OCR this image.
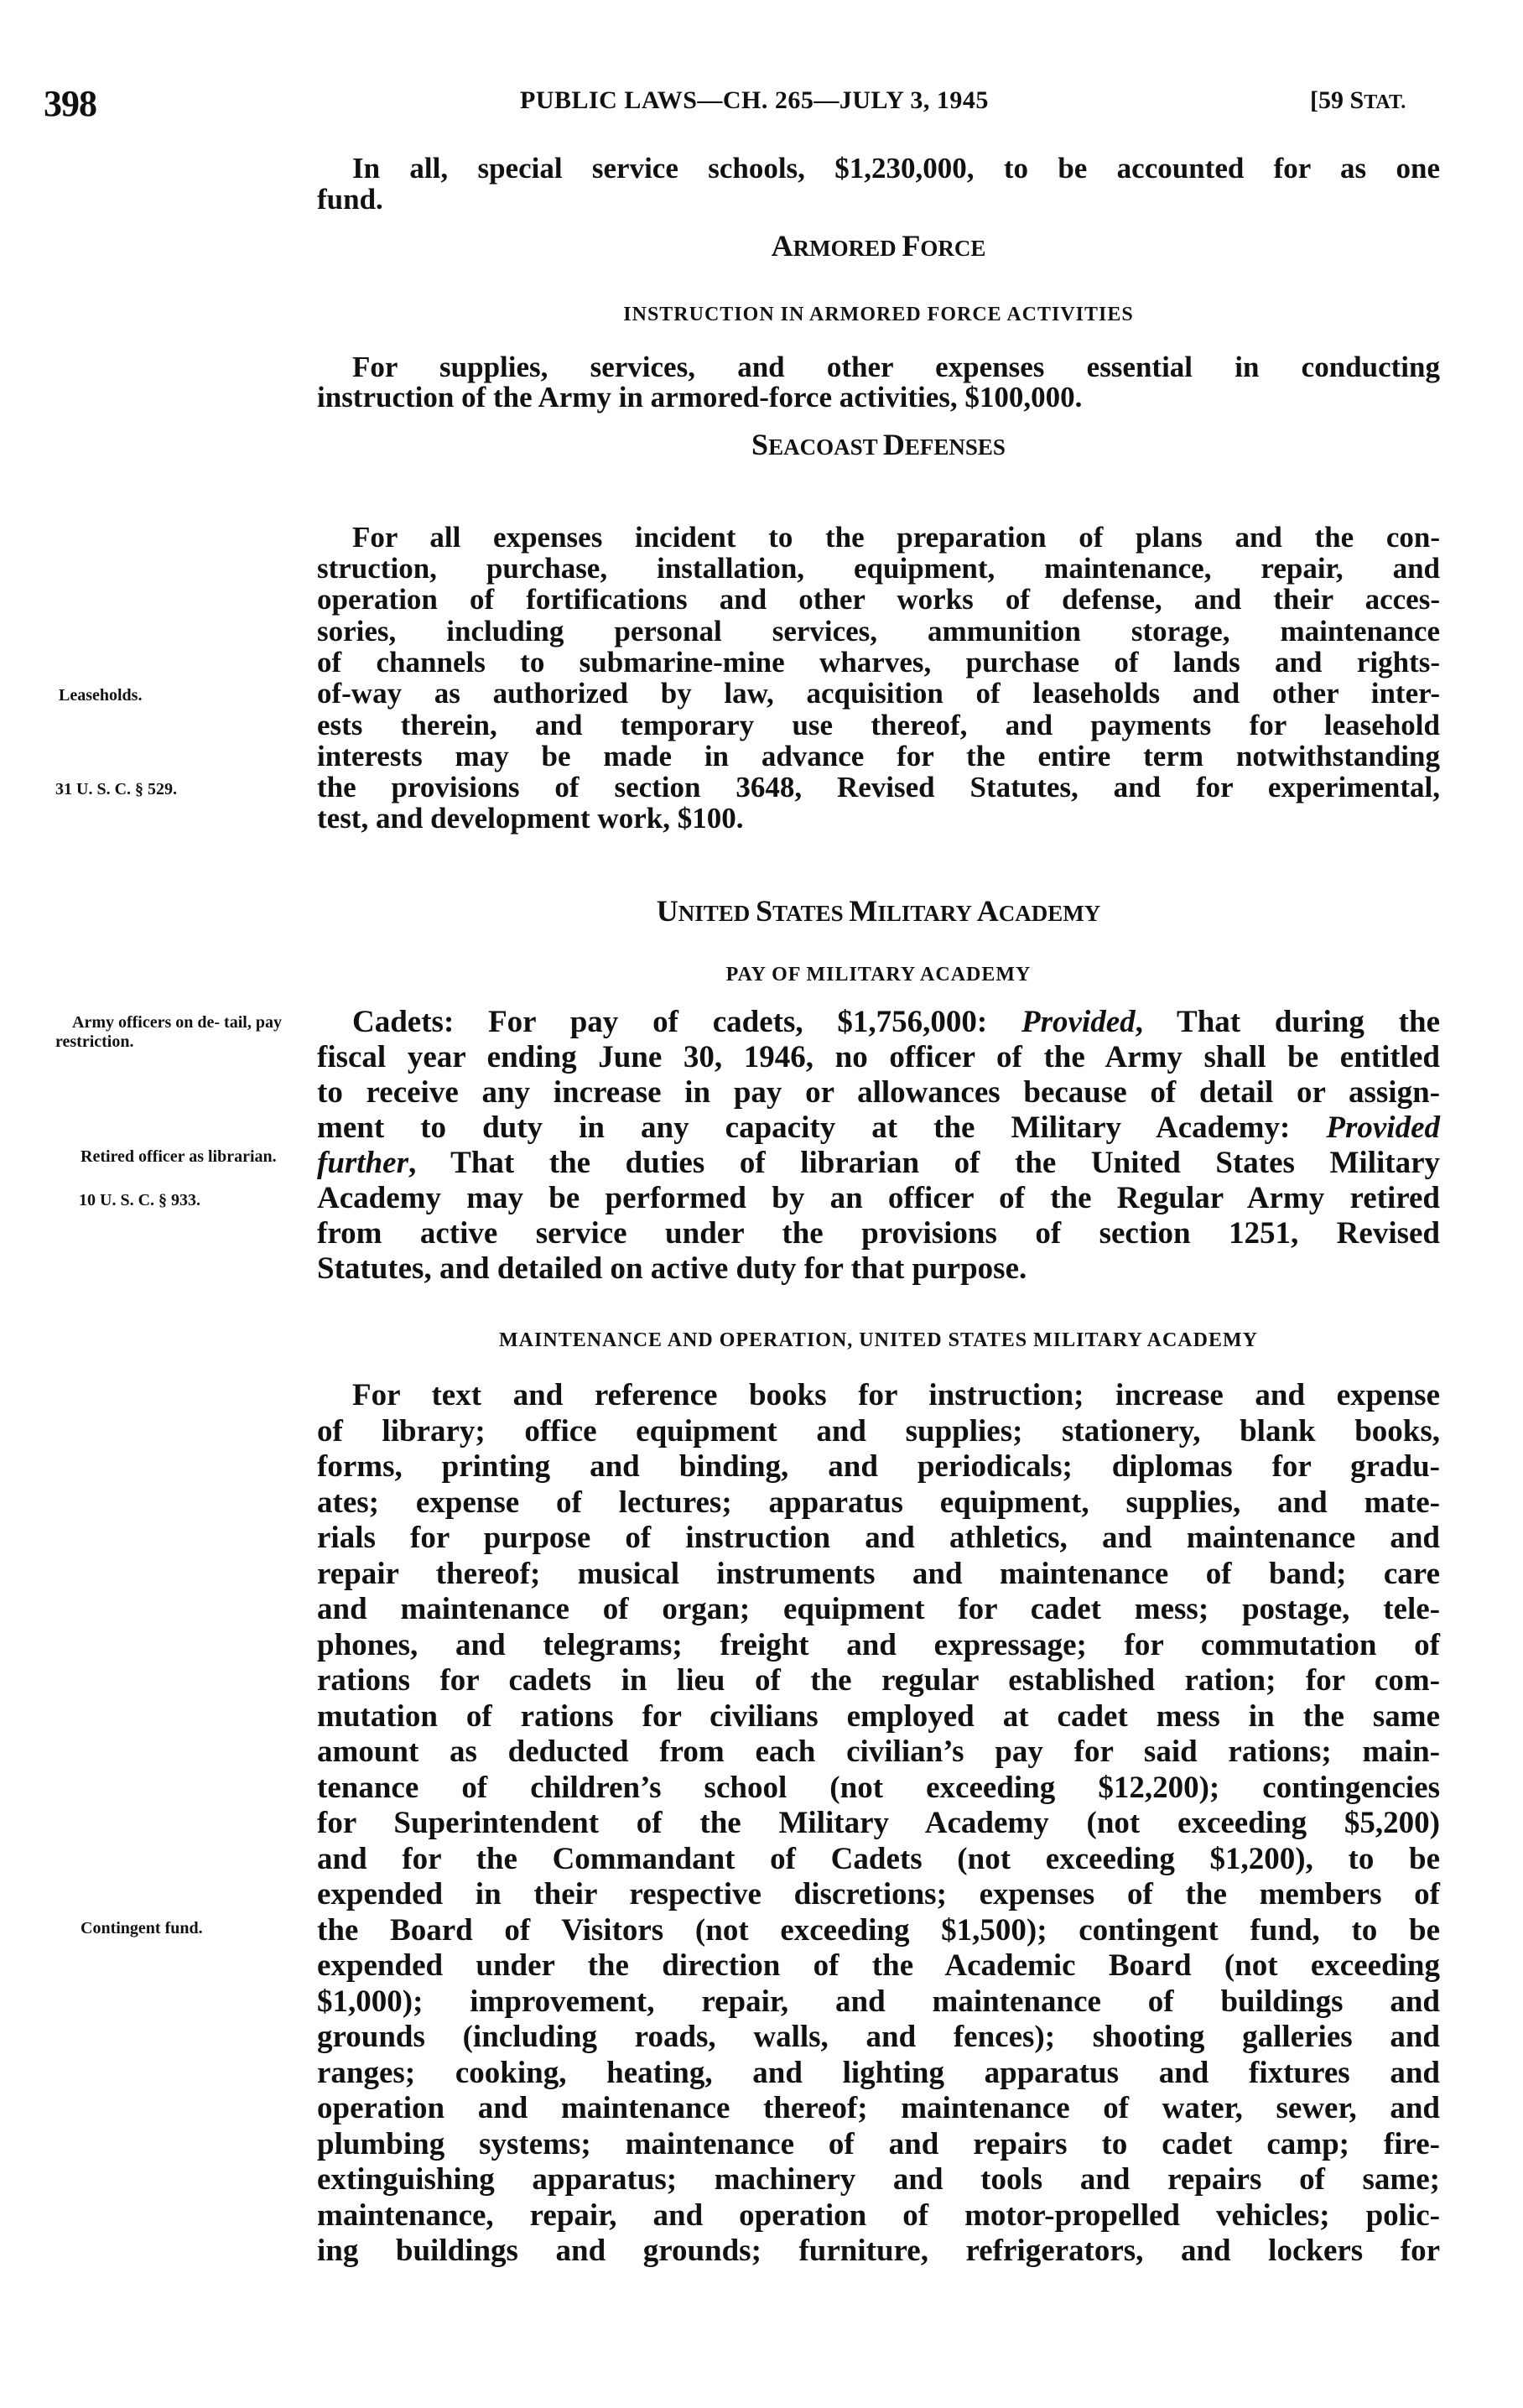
398	PUBLIC LAWS—CH. 265—JULY 3, 1945	[59 STAT.
In all, special service schools, $1,230,000, to be accounted for as one
fund.
ARMORED FORCE
INSTRUCTION IN ARMORED FORCE ACTIVITIES
For supplies, services, and other expenses essential in conducting
instruction of the Army in armored-force activities, $100,000.
SEACOAST DEFENSES
For all expenses incident to the preparation of plans and the con-
struction, purchase, installation, equipment, maintenance, repair, and
operation of fortifications and other works of defense, and their acces-
sories, including personal services, ammunition storage, maintenance
of channels to submarine-mine wharves, purchase of lands and rights-
of-way as authorized by law, acquisition of leaseholds and other inter-
ests therein, and temporary use thereof, and payments for leasehold
interests may be made in advance for the entire term notwithstanding
the provisions of section 3648, Revised Statutes, and for experimental,
test, and development work, $100.
Leaseholds.
31 U. S. C. § 529.
UNITED STATES MILITARY ACADEMY
PAY OF MILITARY ACADEMY
Cadets: For pay of cadets, $1,756,000: Provided, That during the
fiscal year ending June 30, 1946, no officer of the Army shall be entitled
to receive any increase in pay or allowances because of detail or assign-
ment to duty in any capacity at the Military Academy: Provided
further, That the duties of librarian of the United States Military
Academy may be performed by an officer of the Regular Army retired
from active service under the provisions of section 1251, Revised
Statutes, and detailed on active duty for that purpose.
Army officers on de- tail, pay restriction.
Retired officer as librarian.
10 U. S. C. § 933.
MAINTENANCE AND OPERATION, UNITED STATES MILITARY ACADEMY
For text and reference books for instruction; increase and expense
of library; office equipment and supplies; stationery, blank books,
forms, printing and binding, and periodicals; diplomas for gradu-
ates; expense of lectures; apparatus equipment, supplies, and mate-
rials for purpose of instruction and athletics, and maintenance and
repair thereof; musical instruments and maintenance of band; care
and maintenance of organ; equipment for cadet mess; postage, tele-
phones, and telegrams; freight and expressage; for commutation of
rations for cadets in lieu of the regular established ration; for com-
mutation of rations for civilians employed at cadet mess in the same
amount as deducted from each civilian’s pay for said rations; main-
tenance of children’s school (not exceeding $12,200); contingencies
for Superintendent of the Military Academy (not exceeding $5,200)
and for the Commandant of Cadets (not exceeding $1,200), to be
expended in their respective discretions; expenses of the members of
the Board of Visitors (not exceeding $1,500); contingent fund, to be
expended under the direction of the Academic Board (not exceeding
$1,000); improvement, repair, and maintenance of buildings and
grounds (including roads, walls, and fences); shooting galleries and
ranges; cooking, heating, and lighting apparatus and fixtures and
operation and maintenance thereof; maintenance of water, sewer, and
plumbing systems; maintenance of and repairs to cadet camp; fire-
extinguishing apparatus; machinery and tools and repairs of same;
maintenance, repair, and operation of motor-propelled vehicles; polic-
ing buildings and grounds; furniture, refrigerators, and lockers for
Contingent fund.
